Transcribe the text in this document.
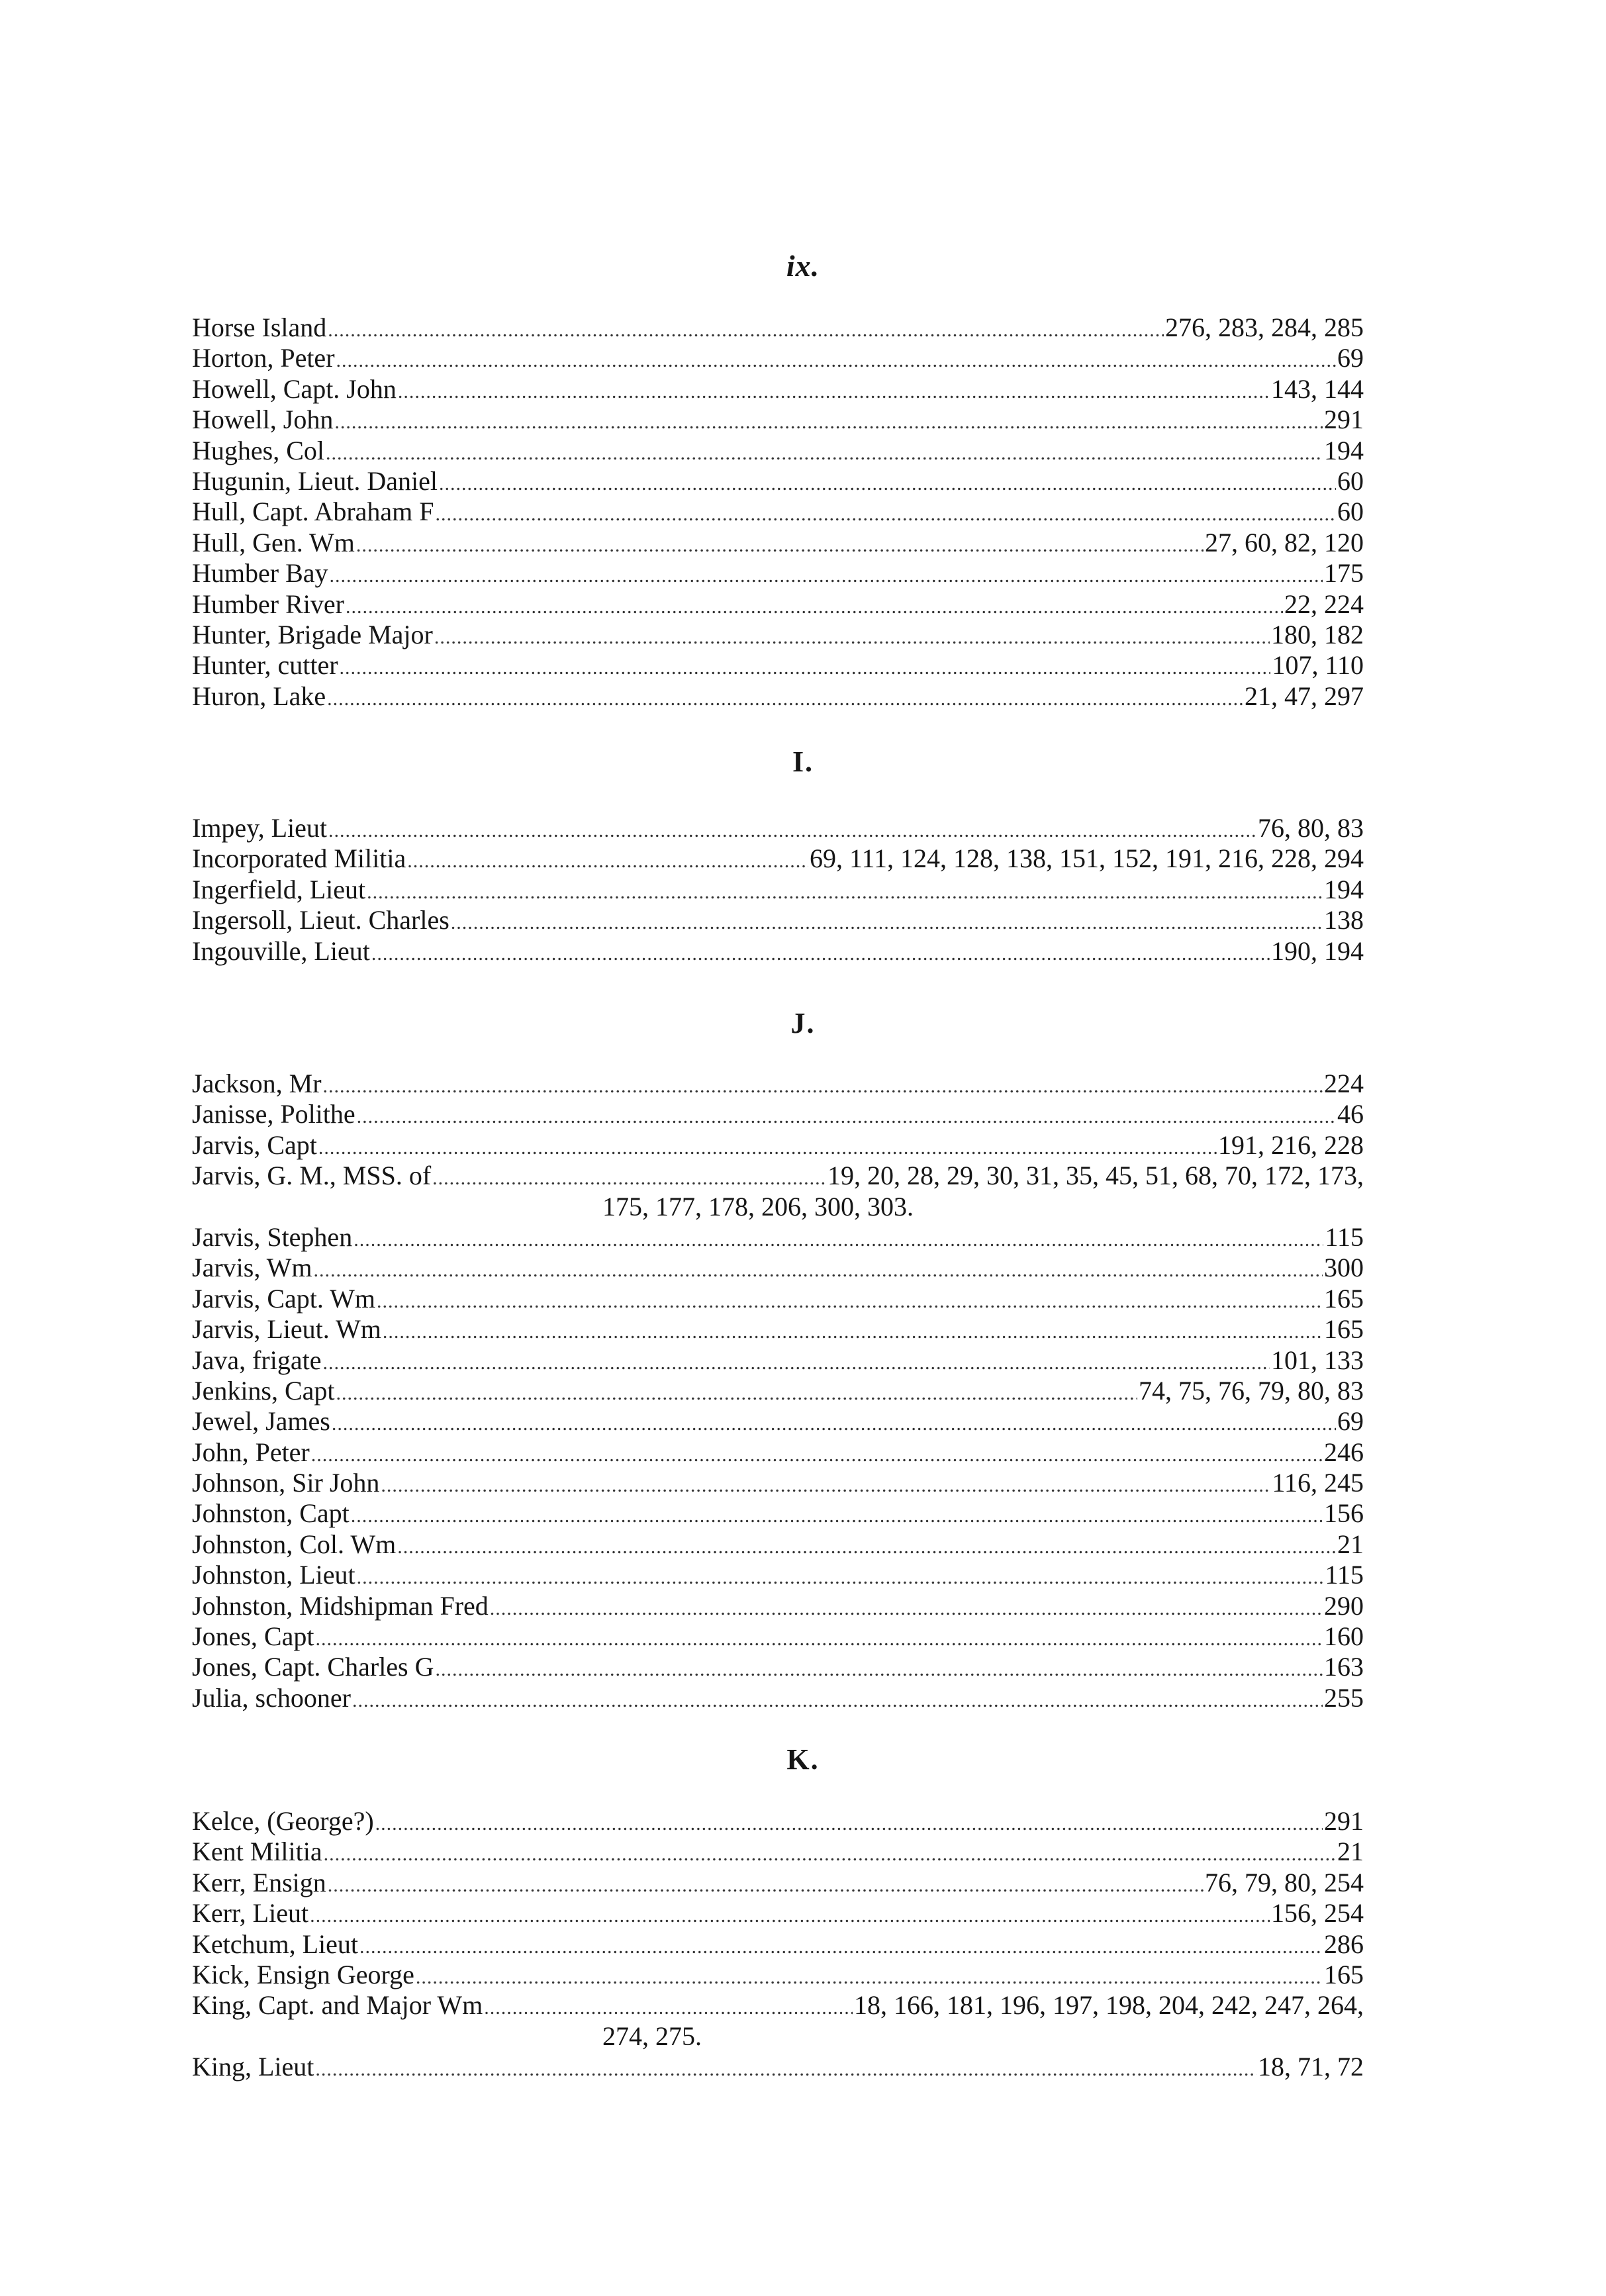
ix.
Horse Island .....	276, 283, 284, 285
Horton, Peter .....	69
Howell, Capt. John .....	143, 144
Howell, John .....	291
Hughes, Col .....	194
Hugunin, Lieut. Daniel .....	60
Hull, Capt. Abraham F .....	60
Hull, Gen. Wm .....	27, 60, 82, 120
Humber Bay .....	175
Humber River .....	22, 224
Hunter, Brigade Major .....	180, 182
Hunter, cutter .....	107, 110
Huron, Lake .....	21, 47, 297
I.
Impey, Lieut .....	76, 80, 83
Incorporated Militia .....	69, 111, 124, 128, 138, 151, 152, 191, 216, 228, 294
Ingerfield, Lieut .....	194
Ingersoll, Lieut. Charles .....	138
Ingouville, Lieut .....	190, 194
J.
Jackson, Mr .....	224
Janisse, Polithe .....	46
Jarvis, Capt .....	191, 216, 228
Jarvis, G. M., MSS. of .....	19, 20, 28, 29, 30, 31, 35, 45, 51, 68, 70, 172, 173,
175, 177, 178, 206, 300, 303.
Jarvis, Stephen .....	115
Jarvis, Wm .....	300
Jarvis, Capt. Wm .....	165
Jarvis, Lieut. Wm .....	165
Java, frigate .....	101, 133
Jenkins, Capt .....	74, 75, 76, 79, 80, 83
Jewel, James .....	69
John, Peter .....	246
Johnson, Sir John .....	116, 245
Johnston, Capt .....	156
Johnston, Col. Wm .....	21
Johnston, Lieut .....	115
Johnston, Midshipman Fred .....	290
Jones, Capt .....	160
Jones, Capt. Charles G .....	163
Julia, schooner .....	255
K.
Kelce, (George?) .....	291
Kent Militia .....	21
Kerr, Ensign .....	76, 79, 80, 254
Kerr, Lieut .....	156, 254
Ketchum, Lieut .....	286
Kick, Ensign George .....	165
King, Capt. and Major Wm .....	18, 166, 181, 196, 197, 198, 204, 242, 247, 264,
274, 275.
King, Lieut .....	18, 71, 72
